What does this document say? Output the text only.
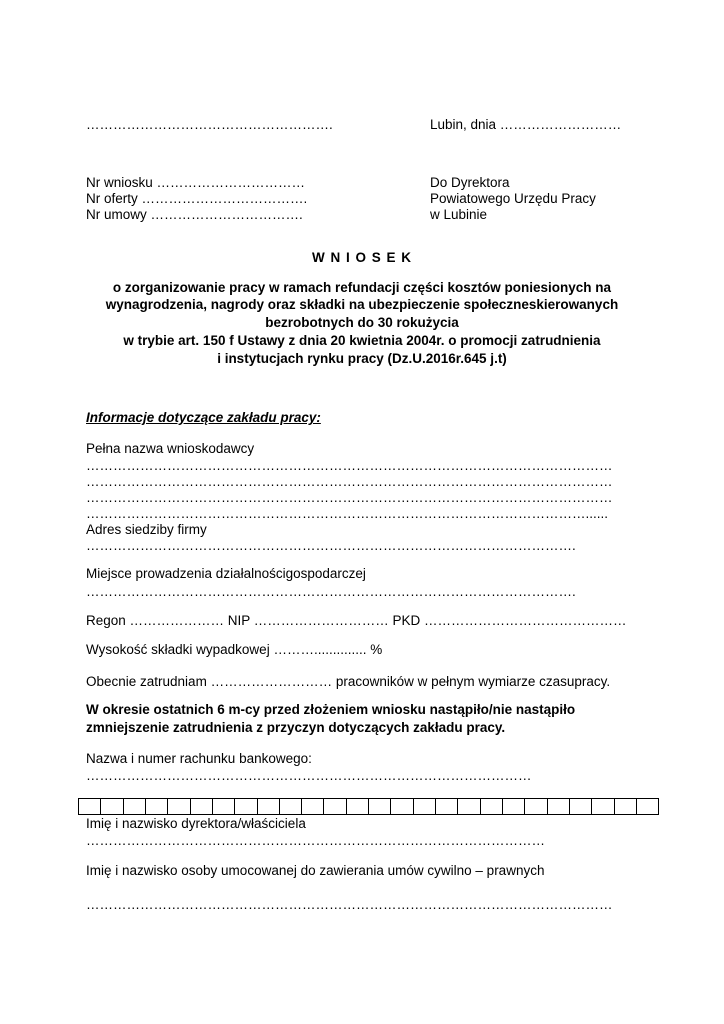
……………………………………………….	Lubin, dnia ………………………
Nr wniosku ……………………………
Nr oferty ……………………………….
Nr umowy …………………………….
Do Dyrektora
Powiatowego Urzędu Pracy
w Lubinie
W N I O S E K
o zorganizowanie pracy w ramach refundacji części kosztów poniesionych na
wynagrodzenia, nagrody oraz składki na ubezpieczenie społeczneskierowanych
bezrobotnych do 30 rokużycia
w trybie art. 150 f Ustawy z dnia 20 kwietnia 2004r. o promocji zatrudnienia
i instytucjach rynku pracy (Dz.U.2016r.645 j.t)
Informacje dotyczące zakładu pracy:
Pełna nazwa wnioskodawcy
………………………………………………………………………………………………………
………………………………………………………………………………………………………
………………………………………………………………………………………………………
…………………………………………………………………………………………………......
Adres siedziby firmy
……………………………………………………………………………………………….
Miejsce prowadzenia działalnościgospodarczej
……………………………………………………………………………………………….
Regon ………………… NIP ………………………… PKD ………………………………………
Wysokość składki wypadkowej ……….............. %
Obecnie zatrudniam ……………………… pracowników w pełnym wymiarze czasupracy.
W okresie ostatnich 6 m-cy przed złożeniem wniosku nastąpiło/nie nastąpiło
zmniejszenie zatrudnienia z przyczyn dotyczących zakładu pracy.
Nazwa i numer rachunku bankowego:
………………………………………………………………………………………
Imię i nazwisko dyrektora/właściciela
…………………………………………………………………………………………
Imię i nazwisko osoby umocowanej do zawierania umów cywilno – prawnych
………………………………………………………………………………………………………
